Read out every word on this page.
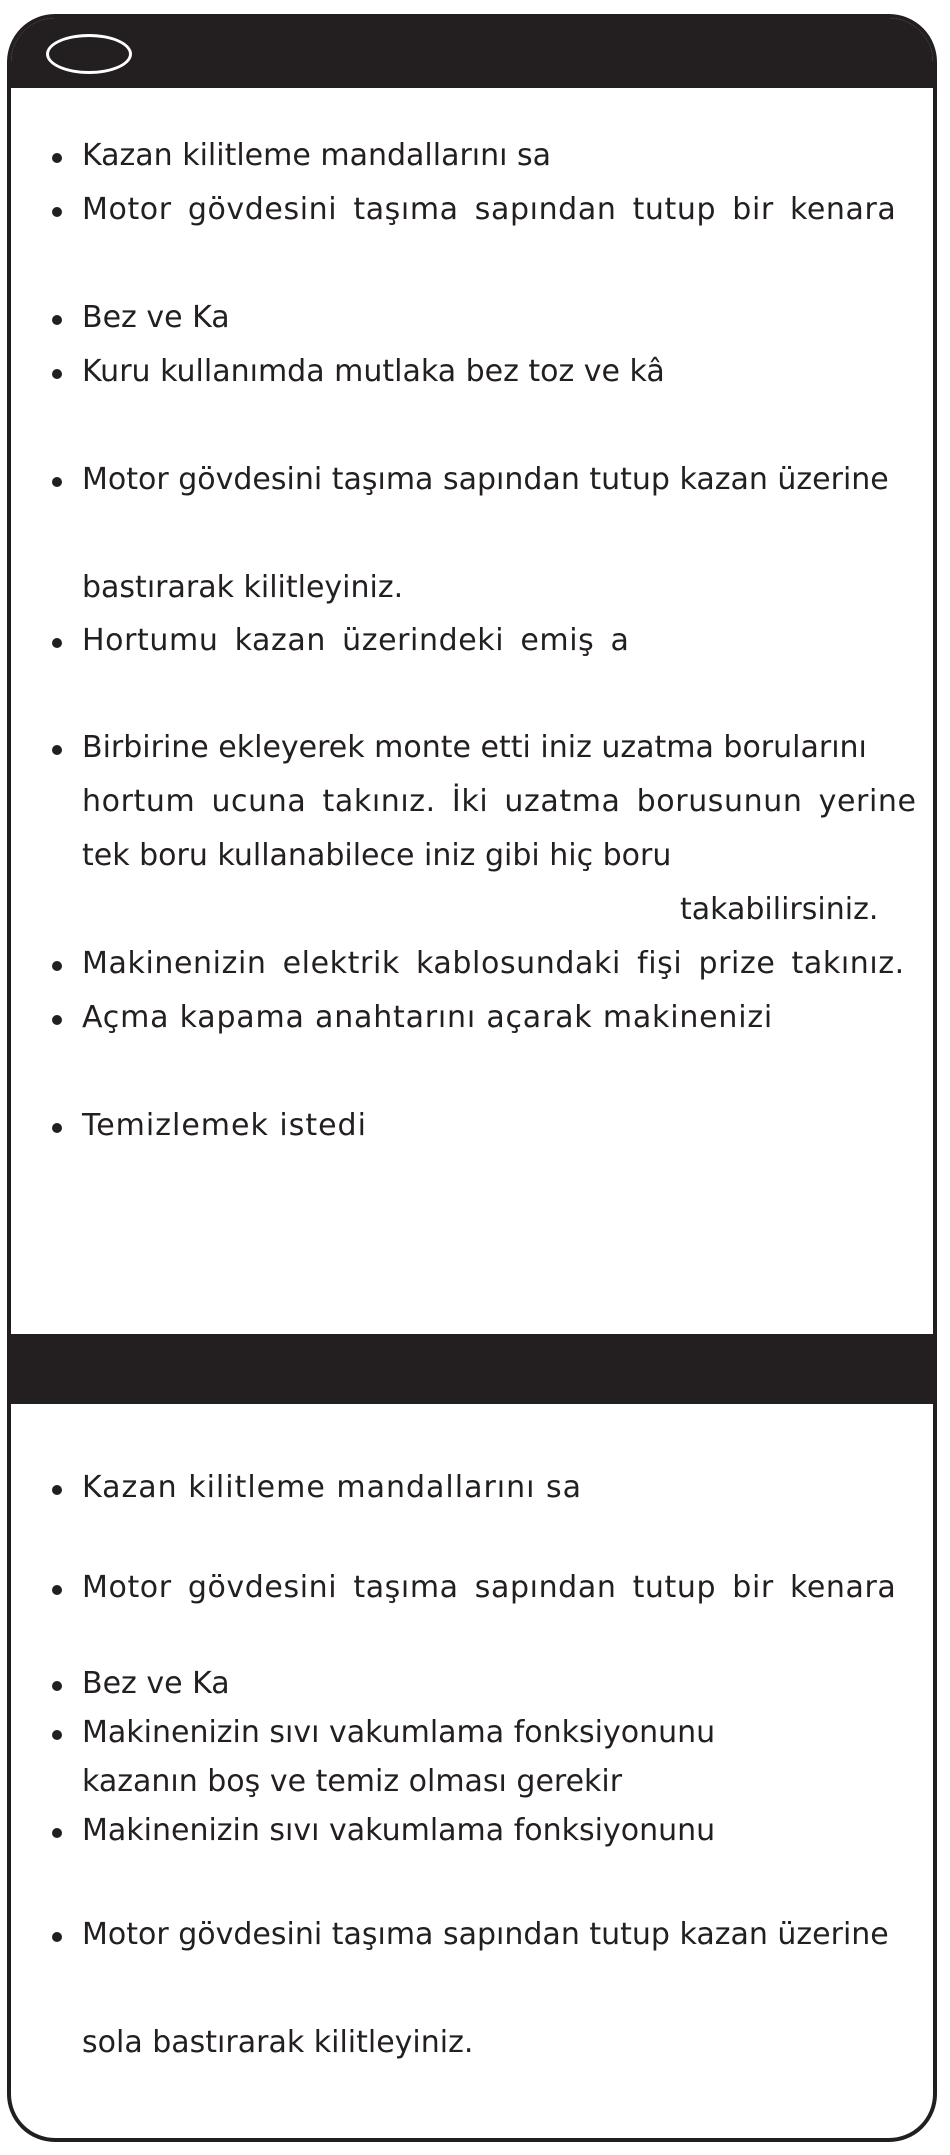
Kazan kilitleme mandallarını sa
Motor gövdesini taşıma sapından tutup bir kenara
Bez ve Ka
Kuru kullanımda mutlaka bez toz ve kâ
Motor gövdesini taşıma sapından tutup kazan üzerine
bastırarak kilitleyiniz.
Hortumu kazan üzerindeki emiş a
Birbirine ekleyerek monte etti iniz uzatma borularını
hortum ucuna takınız. İki uzatma borusunun yerine
tek boru kullanabilece iniz gibi hiç boru
takabilirsiniz.
Makinenizin elektrik kablosundaki fişi prize takınız.
Açma kapama anahtarını açarak makinenizi
Temizlemek istedi
Kazan kilitleme mandallarını sa
Motor gövdesini taşıma sapından tutup bir kenara
Bez ve Ka
Makinenizin sıvı vakumlama fonksiyonunu
kazanın boş ve temiz olması gerekir
Makinenizin sıvı vakumlama fonksiyonunu
Motor gövdesini taşıma sapından tutup kazan üzerine
sola bastırarak kilitleyiniz.
